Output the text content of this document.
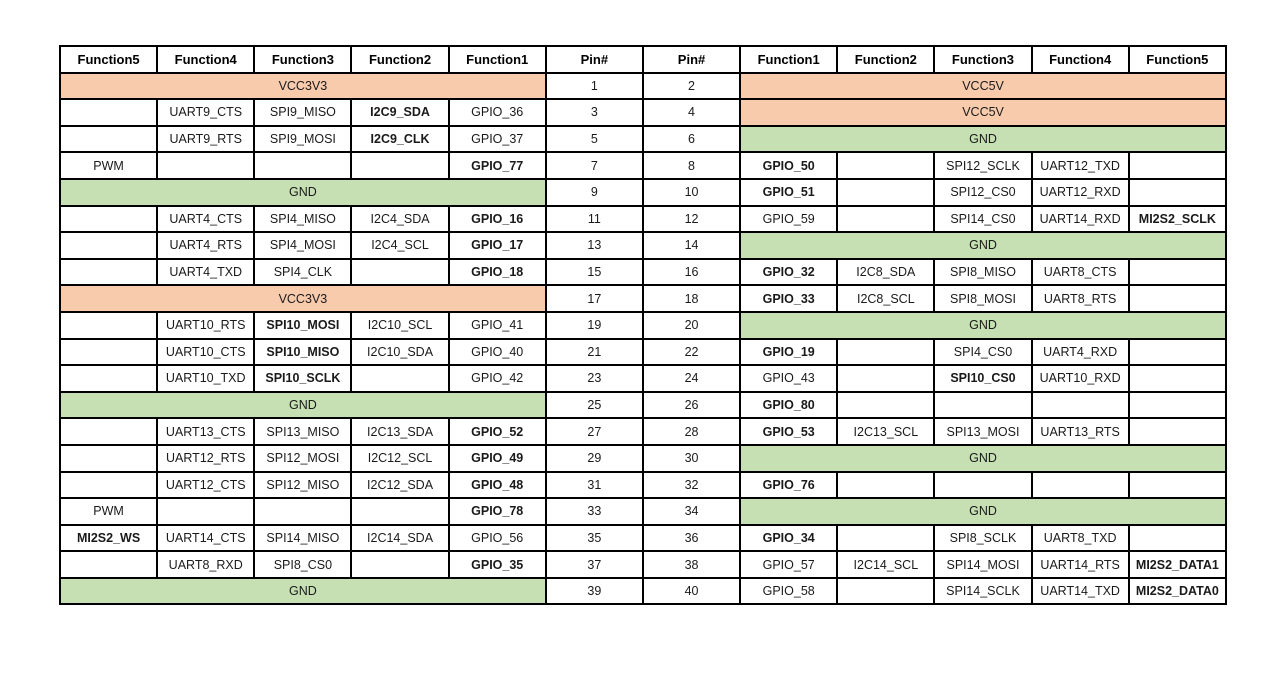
Function5	Function4	Function3	Function2	Function1	Pin#	Pin#	Function1	Function2	Function3	Function4	Function5
VCC3V3					1	2	VCC5V				
	UART9_CTS	SPI9_MISO	I2C9_SDA	GPIO_36	3	4	VCC5V				
	UART9_RTS	SPI9_MOSI	I2C9_CLK	GPIO_37	5	6	GND				
PWM				GPIO_77	7	8	GPIO_50		SPI12_SCLK	UART12_TXD	
GND					9	10	GPIO_51		SPI12_CS0	UART12_RXD	
	UART4_CTS	SPI4_MISO	I2C4_SDA	GPIO_16	11	12	GPIO_59		SPI14_CS0	UART14_RXD	MI2S2_SCLK
	UART4_RTS	SPI4_MOSI	I2C4_SCL	GPIO_17	13	14	GND				
	UART4_TXD	SPI4_CLK		GPIO_18	15	16	GPIO_32	I2C8_SDA	SPI8_MISO	UART8_CTS	
VCC3V3					17	18	GPIO_33	I2C8_SCL	SPI8_MOSI	UART8_RTS	
	UART10_RTS	SPI10_MOSI	I2C10_SCL	GPIO_41	19	20	GND				
	UART10_CTS	SPI10_MISO	I2C10_SDA	GPIO_40	21	22	GPIO_19		SPI4_CS0	UART4_RXD	
	UART10_TXD	SPI10_SCLK		GPIO_42	23	24	GPIO_43		SPI10_CS0	UART10_RXD	
GND					25	26	GPIO_80				
	UART13_CTS	SPI13_MISO	I2C13_SDA	GPIO_52	27	28	GPIO_53	I2C13_SCL	SPI13_MOSI	UART13_RTS	
	UART12_RTS	SPI12_MOSI	I2C12_SCL	GPIO_49	29	30	GND				
	UART12_CTS	SPI12_MISO	I2C12_SDA	GPIO_48	31	32	GPIO_76				
PWM				GPIO_78	33	34	GND				
MI2S2_WS	UART14_CTS	SPI14_MISO	I2C14_SDA	GPIO_56	35	36	GPIO_34		SPI8_SCLK	UART8_TXD	
	UART8_RXD	SPI8_CS0		GPIO_35	37	38	GPIO_57	I2C14_SCL	SPI14_MOSI	UART14_RTS	MI2S2_DATA1
GND					39	40	GPIO_58		SPI14_SCLK	UART14_TXD	MI2S2_DATA0
